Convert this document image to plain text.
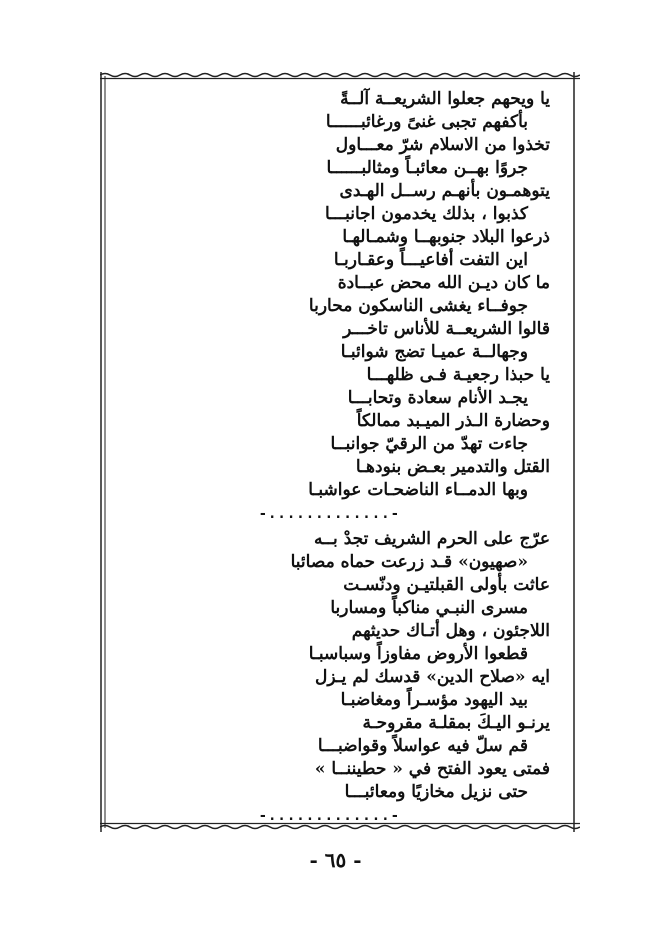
يا ويحهم جعلوا الشريعــة آلــةً
بأكفهم تجبى غنىً ورغائبــــــا
تخذوا من الاسلام شرّ معـــاول
جروًا بهــن معائبـاً ومثالبــــــا
يتوهمـون بأنهـم رســل الهـدى
كذبوا ، بذلك يخدمون اجانبـــا
ذرعوا البلاد جنوبهــا وشمـالهـا
اين التفت أفاعيـــاً وعقـاربـا
ما كان ديـن الله محض عبــادة
جوفــاء يغشى الناسكون محاربا
قالوا الشريعــة للأناس تاخـــر
وجهالــة عميـا تضج شوائبـا
يا حبذا رجعيـة فـى ظلهـــا
يجـد الأنام سعادة وتحابـــا
وحضارة الـذر الميـبد ممالكاً
جاءت تهدّ من الرقيّ جوانبــا
القتل والتدمير بعـض بنودهـا
وبها الدمــاء الناضحـات عواشبـا
-.............-
عرّج على الحرم الشريف تجدْ بــه
«صهيون» قـد زرعت حماه مصائبا
عاثت بأولى القبلتيـن ودنّسـت
مسرى النبـي مناكباً ومساربا
اللاجئون ، وهل أتـاك حديثهم
قطعوا الأروض مفاوزاً وسباسبـا
ايه «صلاح الدين» قدسك لم يـزل
بيد اليهود مؤسـراً ومغاضبـا
يرنـو اليـكَ بمقلـة مقروحـة
قم سلّ فيه عواسلاً وقواضبـــا
فمتى يعود الفتح في « حطيننــا »
حتى نزيل مخازيًا ومعائبـــا
-.............-
- ٦٥ -
